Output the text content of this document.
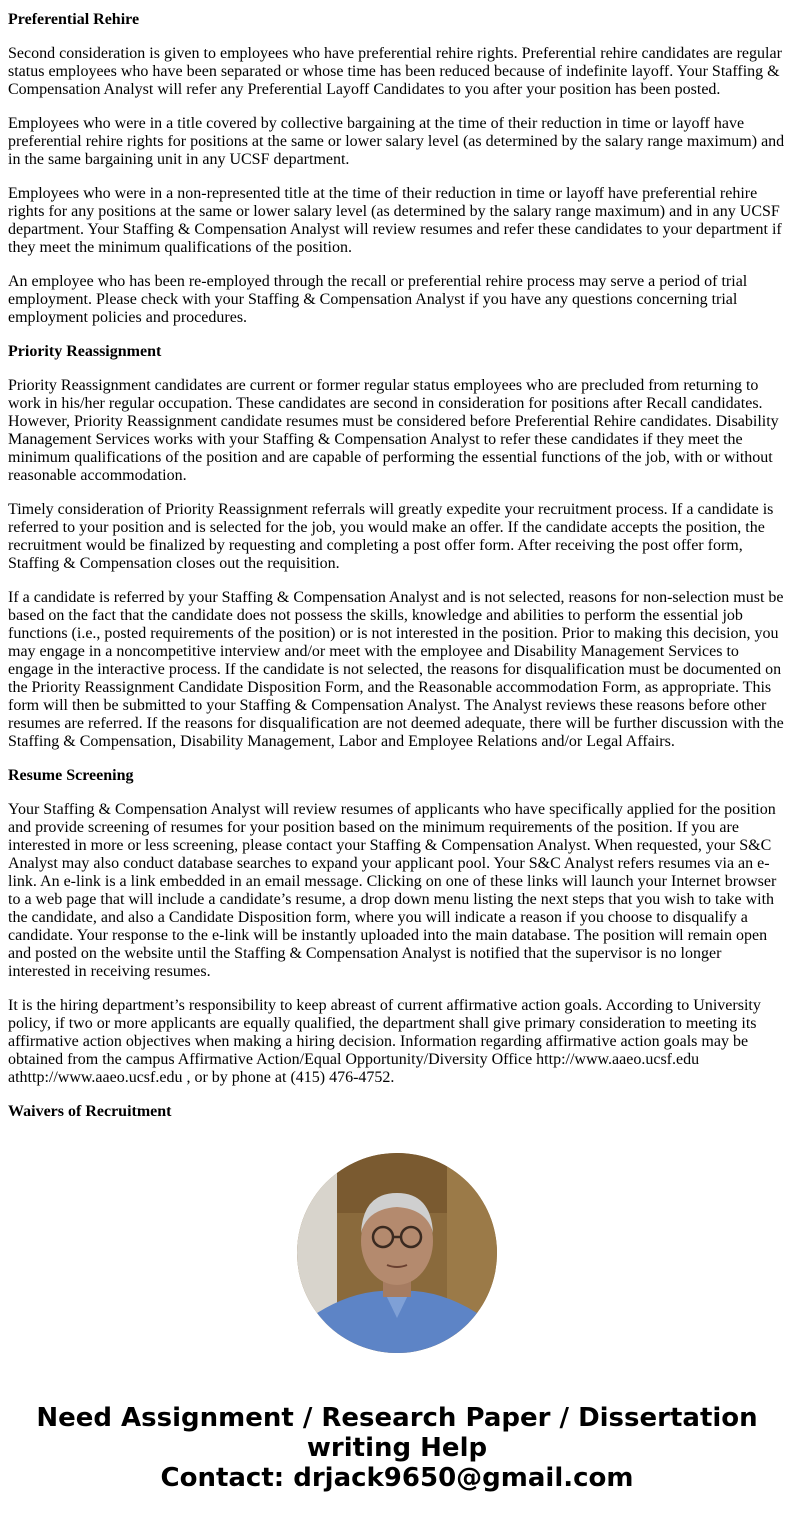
Preferential Rehire
Second consideration is given to employees who have preferential rehire rights. Preferential rehire candidates are regular status employees who have been separated or whose time has been reduced because of indefinite layoff. Your Staffing & Compensation Analyst will refer any Preferential Layoff Candidates to you after your position has been posted.
Employees who were in a title covered by collective bargaining at the time of their reduction in time or layoff have preferential rehire rights for positions at the same or lower salary level (as determined by the salary range maximum) and in the same bargaining unit in any UCSF department.
Employees who were in a non-represented title at the time of their reduction in time or layoff have preferential rehire rights for any positions at the same or lower salary level (as determined by the salary range maximum) and in any UCSF department. Your Staffing & Compensation Analyst will review resumes and refer these candidates to your department if they meet the minimum qualifications of the position.
An employee who has been re-employed through the recall or preferential rehire process may serve a period of trial employment. Please check with your Staffing & Compensation Analyst if you have any questions concerning trial employment policies and procedures.
Priority Reassignment
Priority Reassignment candidates are current or former regular status employees who are precluded from returning to work in his/her regular occupation. These candidates are second in consideration for positions after Recall candidates. However, Priority Reassignment candidate resumes must be considered before Preferential Rehire candidates. Disability Management Services works with your Staffing & Compensation Analyst to refer these candidates if they meet the minimum qualifications of the position and are capable of performing the essential functions of the job, with or without reasonable accommodation.
Timely consideration of Priority Reassignment referrals will greatly expedite your recruitment process. If a candidate is referred to your position and is selected for the job, you would make an offer. If the candidate accepts the position, the recruitment would be finalized by requesting and completing a post offer form. After receiving the post offer form, Staffing & Compensation closes out the requisition.
If a candidate is referred by your Staffing & Compensation Analyst and is not selected, reasons for non-selection must be based on the fact that the candidate does not possess the skills, knowledge and abilities to perform the essential job functions (i.e., posted requirements of the position) or is not interested in the position. Prior to making this decision, you may engage in a noncompetitive interview and/or meet with the employee and Disability Management Services to engage in the interactive process. If the candidate is not selected, the reasons for disqualification must be documented on the Priority Reassignment Candidate Disposition Form, and the Reasonable accommodation Form, as appropriate. This form will then be submitted to your Staffing & Compensation Analyst. The Analyst reviews these reasons before other resumes are referred. If the reasons for disqualification are not deemed adequate, there will be further discussion with the Staffing & Compensation, Disability Management, Labor and Employee Relations and/or Legal Affairs.
Resume Screening
Your Staffing & Compensation Analyst will review resumes of applicants who have specifically applied for the position and provide screening of resumes for your position based on the minimum requirements of the position. If you are interested in more or less screening, please contact your Staffing & Compensation Analyst. When requested, your S&C Analyst may also conduct database searches to expand your applicant pool. Your S&C Analyst refers resumes via an e-link. An e-link is a link embedded in an email message. Clicking on one of these links will launch your Internet browser to a web page that will include a candidate’s resume, a drop down menu listing the next steps that you wish to take with the candidate, and also a Candidate Disposition form, where you will indicate a reason if you choose to disqualify a candidate. Your response to the e-link will be instantly uploaded into the main database. The position will remain open and posted on the website until the Staffing & Compensation Analyst is notified that the supervisor is no longer interested in receiving resumes.
It is the hiring department’s responsibility to keep abreast of current affirmative action goals. According to University policy, if two or more applicants are equally qualified, the department shall give primary consideration to meeting its affirmative action objectives when making a hiring decision. Information regarding affirmative action goals may be obtained from the campus Affirmative Action/Equal Opportunity/Diversity Office http://www.aaeo.ucsf.edu athttp://www.aaeo.ucsf.edu , or by phone at (415) 476-4752.
Waivers of Recruitment
Need Assignment / Research Paper / Dissertation
writing Help
Contact: drjack9650@gmail.com
